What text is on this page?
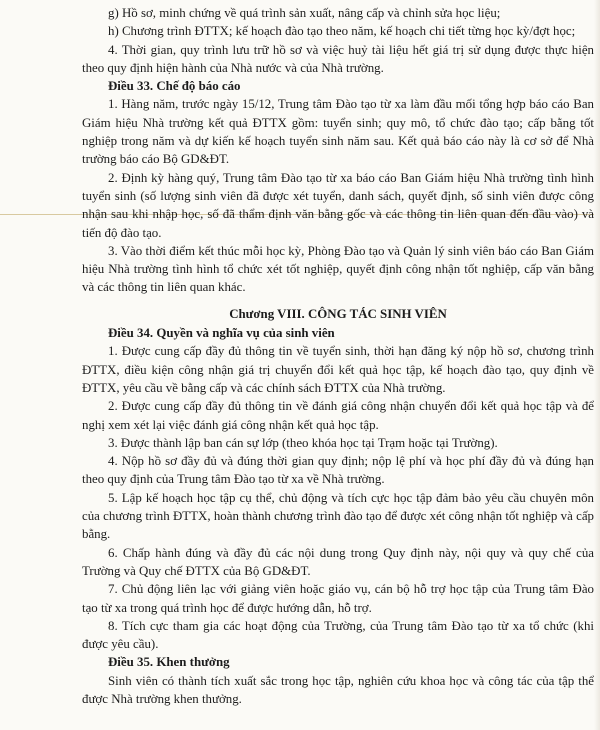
g) Hồ sơ, minh chứng về quá trình sản xuất, nâng cấp và chỉnh sửa học liệu;

h) Chương trình ĐTTX; kế hoạch đào tạo theo năm, kế hoạch chi tiết từng học kỳ/đợt học;

4. Thời gian, quy trình lưu trữ hồ sơ và việc huỷ tài liệu hết giá trị sử dụng được thực hiện theo quy định hiện hành của Nhà nước và của Nhà trường.

Điều 33. Chế độ báo cáo

1. Hàng năm, trước ngày 15/12, Trung tâm Đào tạo từ xa làm đầu mối tổng hợp báo cáo Ban Giám hiệu Nhà trường kết quả ĐTTX gồm: tuyển sinh; quy mô, tổ chức đào tạo; cấp bằng tốt nghiệp trong năm và dự kiến kế hoạch tuyển sinh năm sau. Kết quả báo cáo này là cơ sở để Nhà trường báo cáo Bộ GD&ĐT.

2. Định kỳ hàng quý, Trung tâm Đào tạo từ xa báo cáo Ban Giám hiệu Nhà trường tình hình tuyển sinh (số lượng sinh viên đã được xét tuyển, danh sách, quyết định, số sinh viên được công nhận sau khi nhập học, số đã thẩm định văn bằng gốc và các thông tin liên quan đến đầu vào) và tiến độ đào tạo.

3. Vào thời điểm kết thúc mỗi học kỳ, Phòng Đào tạo và Quản lý sinh viên báo cáo Ban Giám hiệu Nhà trường tình hình tổ chức xét tốt nghiệp, quyết định công nhận tốt nghiệp, cấp văn bằng và các thông tin liên quan khác.

Chương VIII. CÔNG TÁC SINH VIÊN

Điều 34. Quyền và nghĩa vụ của sinh viên

1. Được cung cấp đầy đủ thông tin về tuyển sinh, thời hạn đăng ký nộp hồ sơ, chương trình ĐTTX, điều kiện công nhận giá trị chuyển đổi kết quả học tập, kế hoạch đào tạo, quy định về ĐTTX, yêu cầu về bằng cấp và các chính sách ĐTTX của Nhà trường.

2. Được cung cấp đầy đủ thông tin về đánh giá công nhận chuyển đổi kết quả học tập và để nghị xem xét lại việc đánh giá công nhận kết quả học tập.

3. Được thành lập ban cán sự lớp (theo khóa học tại Trạm hoặc tại Trường).

4. Nộp hồ sơ đầy đủ và đúng thời gian quy định; nộp lệ phí và học phí đầy đủ và đúng hạn theo quy định của Trung tâm Đào tạo từ xa về Nhà trường.

5. Lập kế hoạch học tập cụ thể, chủ động và tích cực học tập đảm bảo yêu cầu chuyên môn của chương trình ĐTTX, hoàn thành chương trình đào tạo để được xét công nhận tốt nghiệp và cấp bằng.

6. Chấp hành đúng và đầy đủ các nội dung trong Quy định này, nội quy và quy chế của Trường và Quy chế ĐTTX của Bộ GD&ĐT.

7. Chủ động liên lạc với giảng viên hoặc giáo vụ, cán bộ hỗ trợ học tập của Trung tâm Đào tạo từ xa trong quá trình học để được hướng dẫn, hỗ trợ.

8. Tích cực tham gia các hoạt động của Trường, của Trung tâm Đào tạo từ xa tổ chức (khi được yêu cầu).

Điều 35. Khen thưởng

Sinh viên có thành tích xuất sắc trong học tập, nghiên cứu khoa học và công tác của tập thể được Nhà trường khen thưởng.
